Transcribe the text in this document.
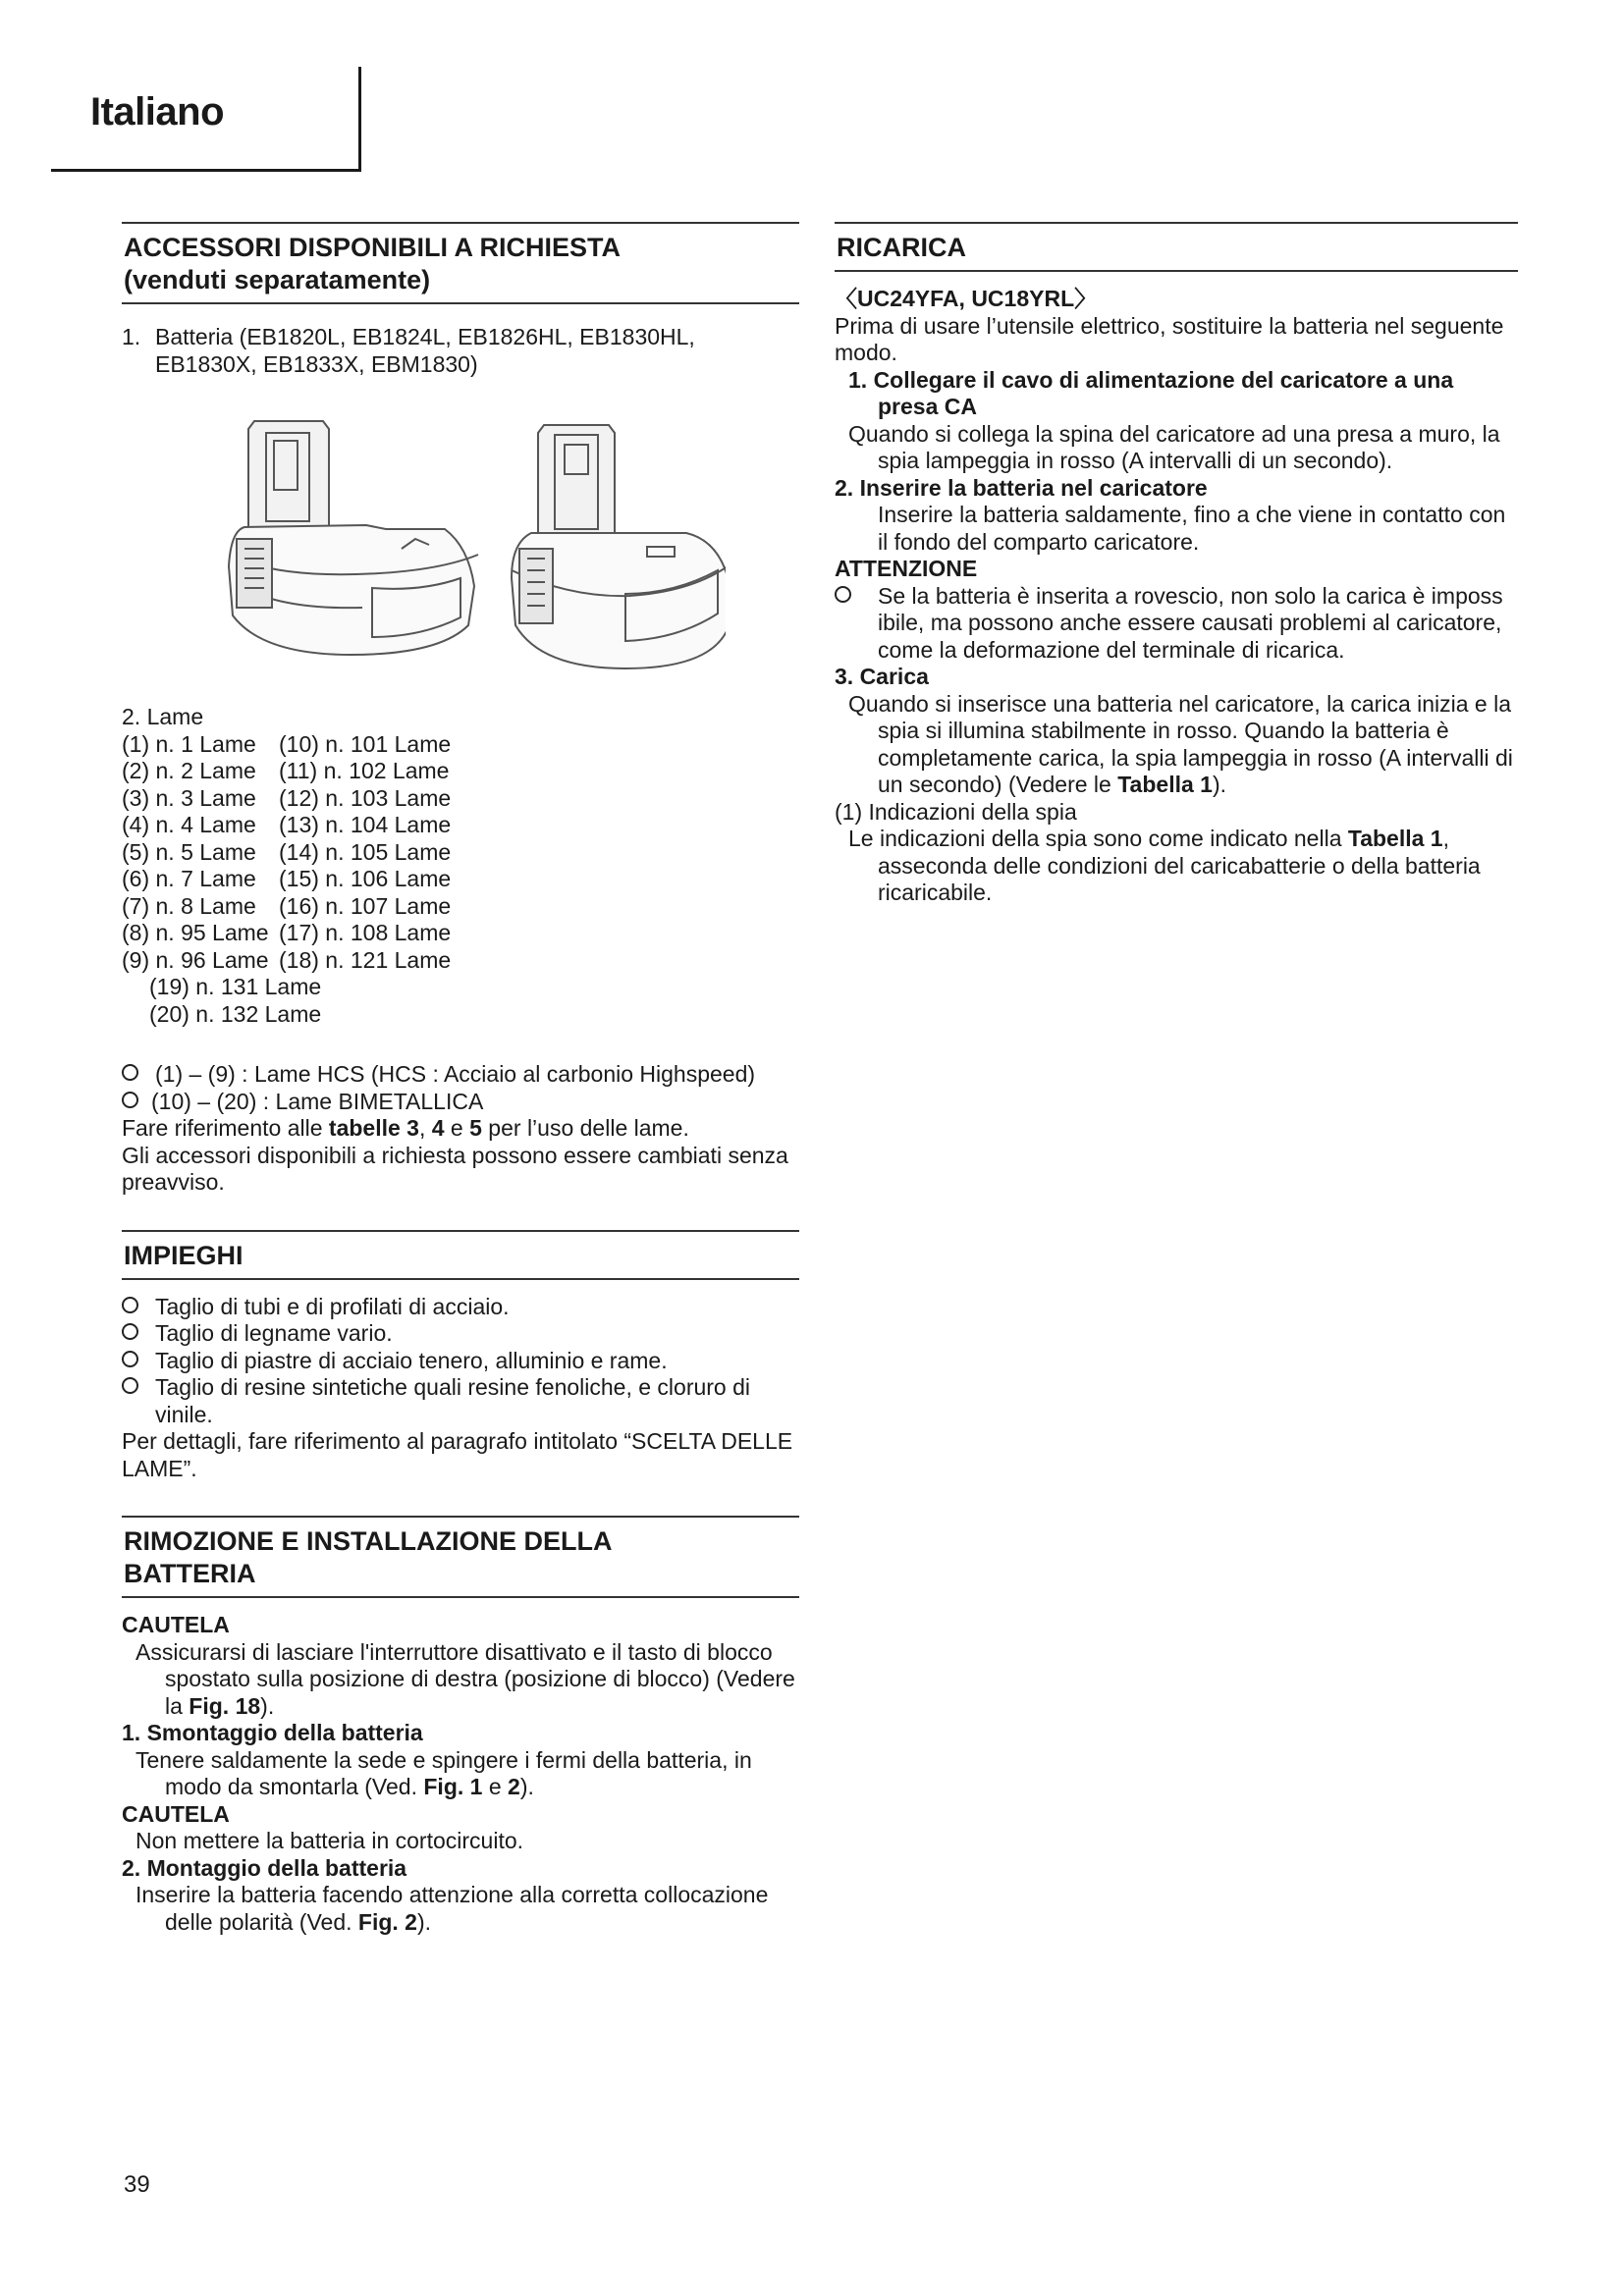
Italiano
ACCESSORI DISPONIBILI A RICHIESTA
(venduti separatamente)
1. Batteria (EB1820L, EB1824L, EB1826HL, EB1830HL, EB1830X, EB1833X, EBM1830)
2. Lame
(1) n. 1 Lame	(10) n. 101 Lame
(2) n. 2 Lame	(11) n. 102 Lame
(3) n. 3 Lame	(12) n. 103 Lame
(4) n. 4 Lame	(13) n. 104 Lame
(5) n. 5 Lame	(14) n. 105 Lame
(6) n. 7 Lame	(15) n. 106 Lame
(7) n. 8 Lame	(16) n. 107 Lame
(8) n. 95 Lame (17) n. 108 Lame
(9) n. 96 Lame (18) n. 121 Lame
(19) n. 131 Lame
(20) n. 132 Lame
(1) – (9) : Lame HCS (HCS : Acciaio al carbonio Highspeed)
(10) – (20) : Lame BIMETALLICA

Fare riferimento alle tabelle 3, 4 e 5 per l’uso delle lame.

Gli accessori disponibili a richiesta possono essere cambiati senza preavviso.

IMPIEGHI
Taglio di tubi e di profilati di acciaio.
Taglio di legname vario.
Taglio di piastre di acciaio tenero, alluminio e rame.
Taglio di resine sintetiche quali resine fenoliche, e cloruro di vinile.

Per dettagli, fare riferimento al paragrafo intitolato “SCELTA DELLE LAME”.

RIMOZIONE E INSTALLAZIONE DELLA
BATTERIA

CAUTELA

Assicurarsi di lasciare l'interruttore disattivato e il tasto di blocco spostato sulla posizione di destra (posizione di blocco) (Vedere la Fig. 18).

1. Smontaggio della batteria

Tenere saldamente la sede e spingere i fermi della batteria, in modo da smontarla (Ved. Fig. 1 e 2).

CAUTELA

Non mettere la batteria in cortocircuito.

2. Montaggio della batteria

Inserire la batteria facendo attenzione alla corretta collocazione delle polarità (Ved. Fig. 2).

RICARICA

〈UC24YFA, UC18YRL〉

Prima di usare l’utensile elettrico, sostituire la batteria nel seguente modo.

1. Collegare il cavo di alimentazione del caricatore a una presa CA

Quando si collega la spina del caricatore ad una presa a muro, la spia lampeggia in rosso (A intervalli di un secondo).

2. Inserire la batteria nel caricatore

Inserire la batteria saldamente, fino a che viene in contatto con il fondo del comparto caricatore.

ATTENZIONE

Se la batteria è inserita a rovescio, non solo la carica è imposs ibile, ma possono anche essere causati problemi al caricatore, come la deformazione del terminale di ricarica.

3. Carica

Quando si inserisce una batteria nel caricatore, la carica inizia e la spia si illumina stabilmente in rosso. Quando la batteria è completamente carica, la spia lampeggia in rosso (A intervalli di un secondo) (Vedere le Tabella 1).

(1) Indicazioni della spia

Le indicazioni della spia sono come indicato nella Tabella 1, asseconda delle condizioni del caricabatterie o della batteria ricaricabile.

39
